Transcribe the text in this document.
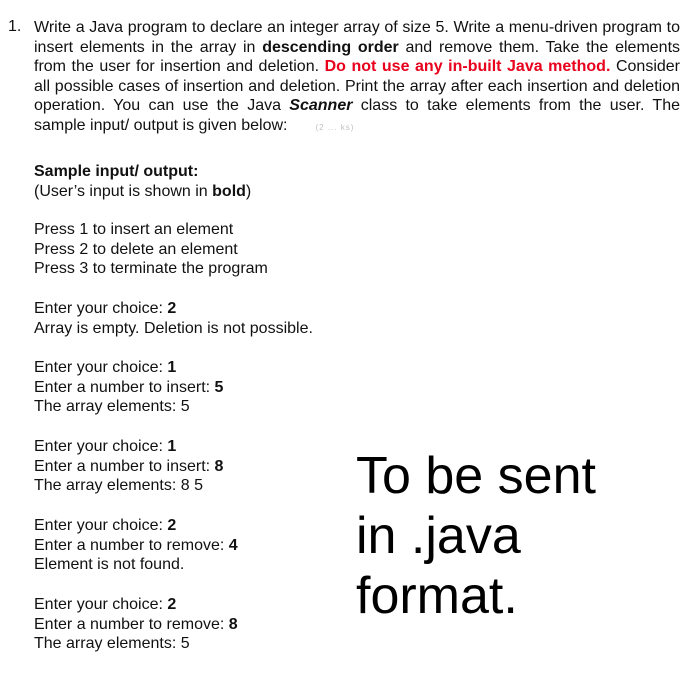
1. Write a Java program to declare an integer array of size 5. Write a menu-driven program to insert elements in the array in descending order and remove them. Take the elements from the user for insertion and deletion. Do not use any in-built Java method. Consider all possible cases of insertion and deletion. Print the array after each insertion and deletion operation. You can use the Java Scanner class to take elements from the user. The sample input/ output is given below:	(2 ... ks)
Sample input/ output:
(User’s input is shown in bold)
Press 1 to insert an element
Press 2 to delete an element
Press 3 to terminate the program
Enter your choice: 2
Array is empty. Deletion is not possible.
Enter your choice: 1
Enter a number to insert: 5
The array elements: 5
Enter your choice: 1
Enter a number to insert: 8
The array elements: 8 5
Enter your choice: 2
Enter a number to remove: 4
Element is not found.
Enter your choice: 2
Enter a number to remove: 8
The array elements: 5
To be sent
in .java
format.
